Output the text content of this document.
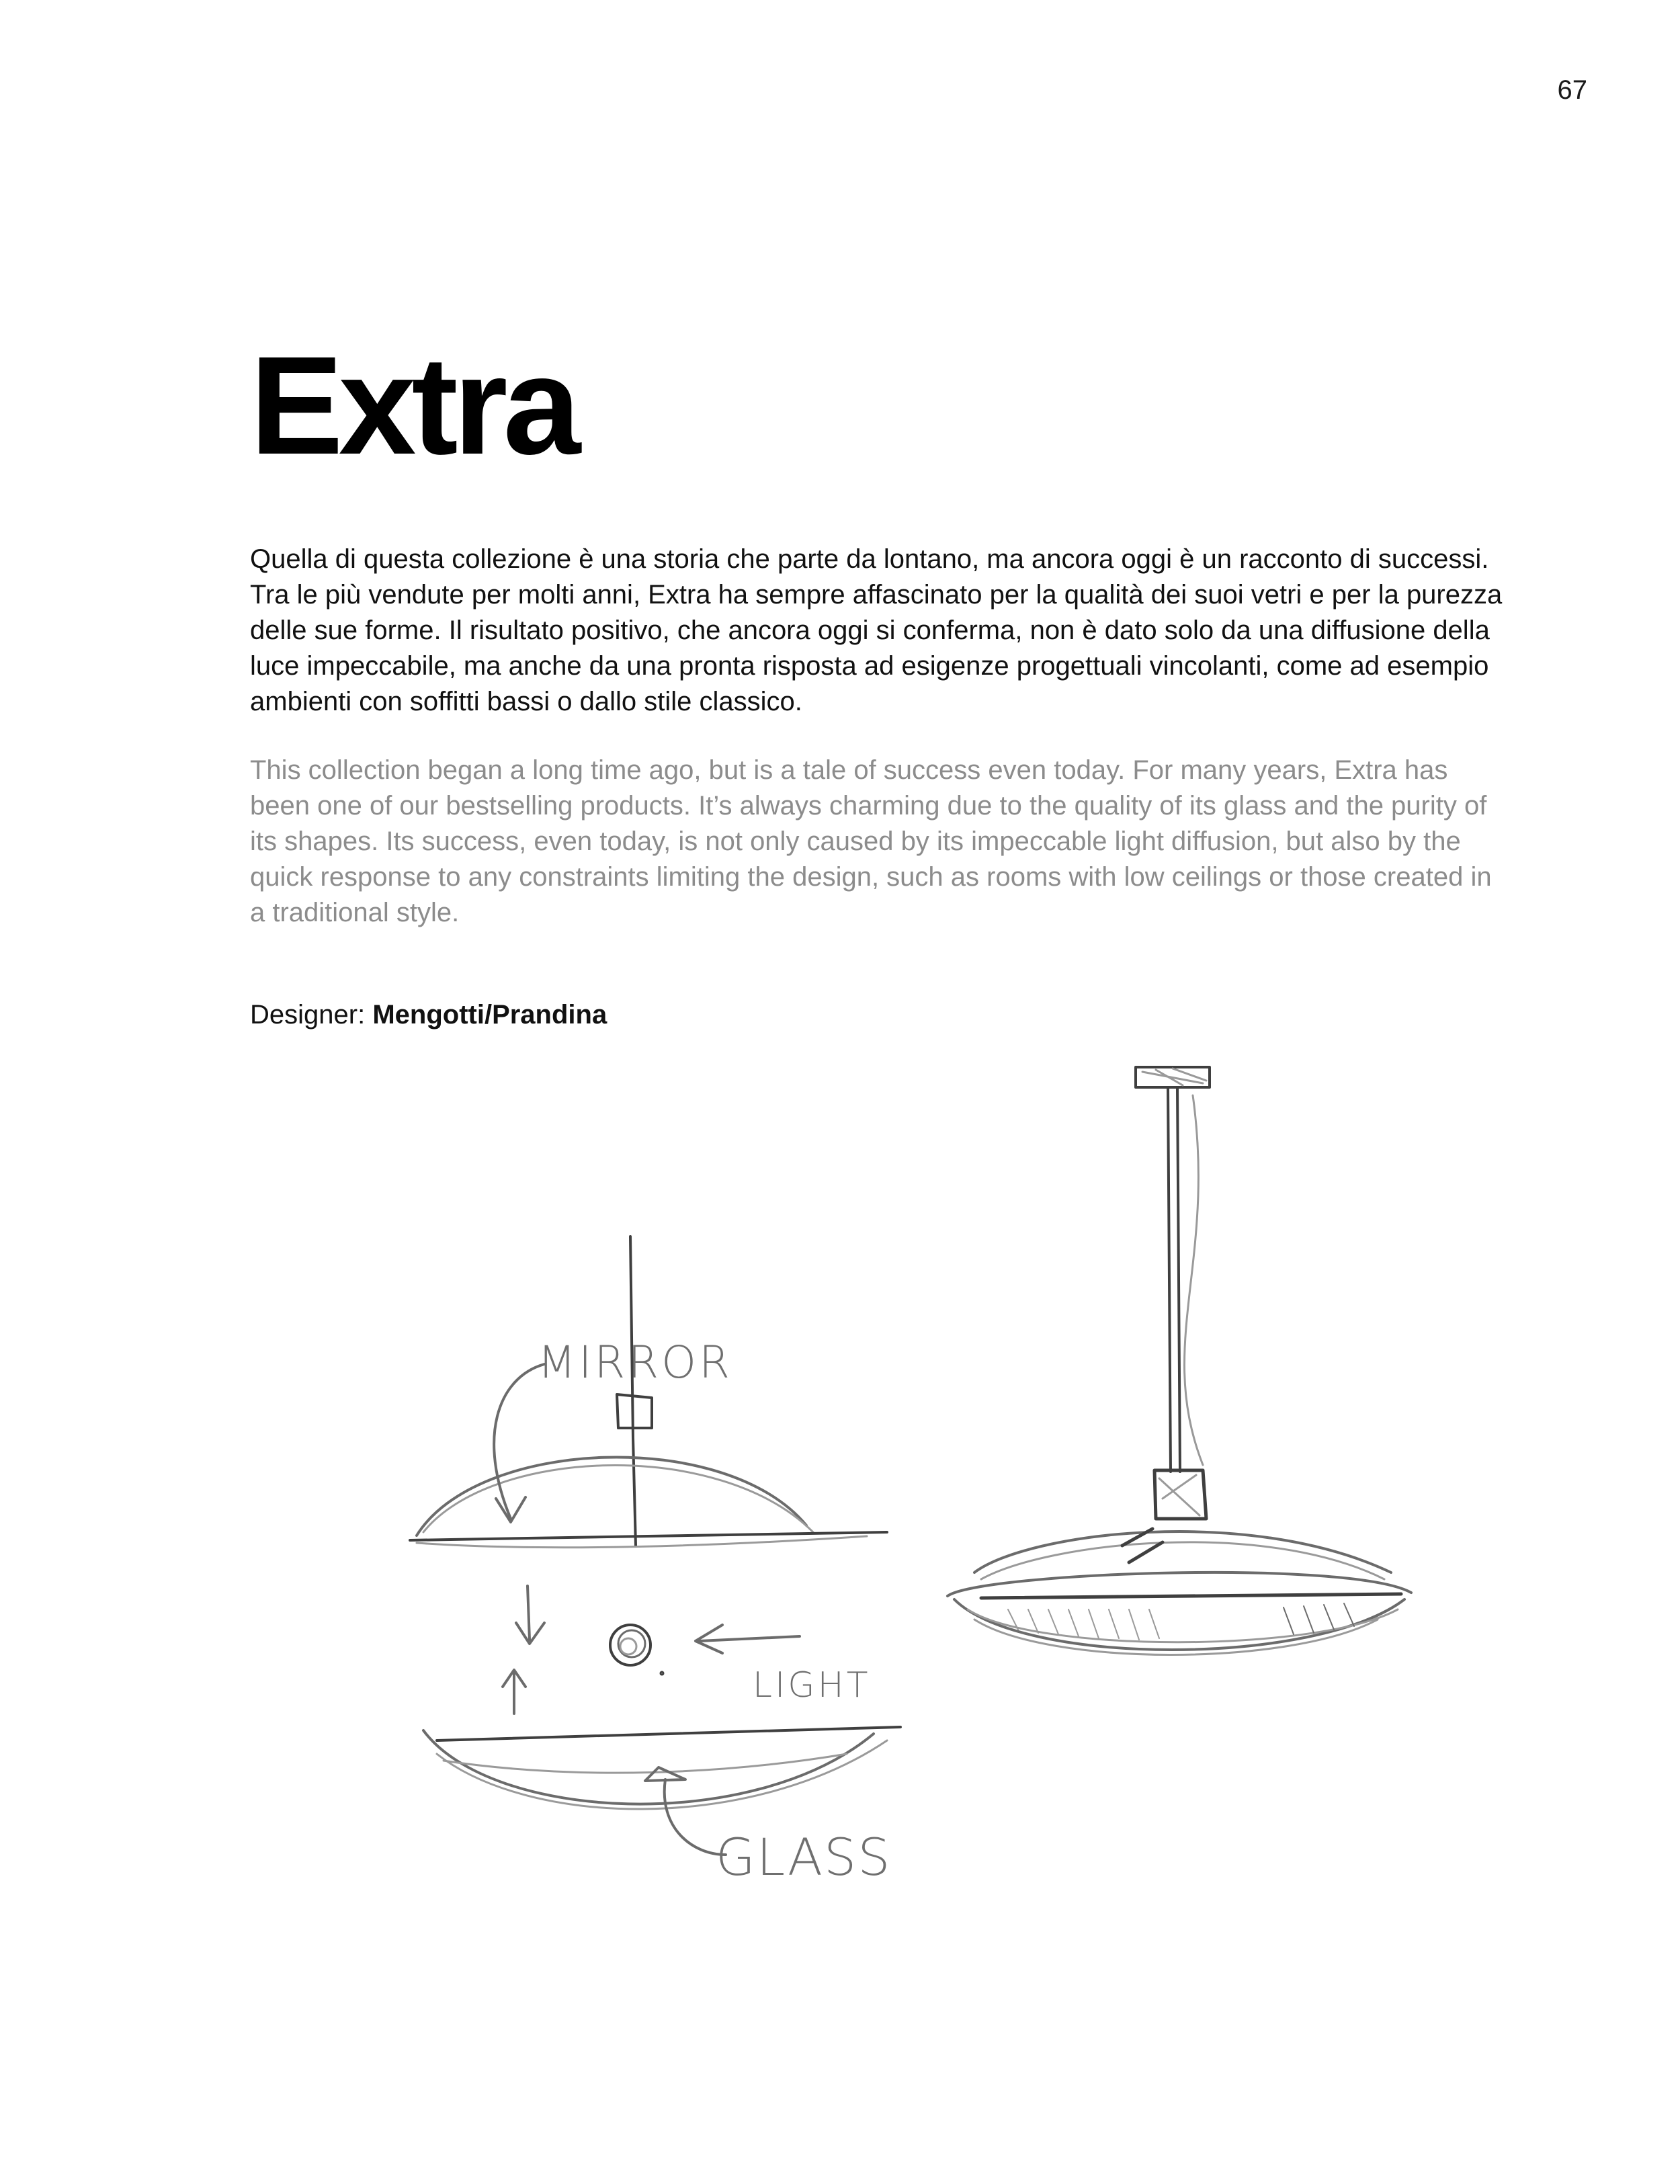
67
Extra

Quella di questa collezione è una storia che parte da lontano, ma ancora oggi è un racconto di successi. Tra le più vendute per molti anni, Extra ha sempre affascinato per la qualità dei suoi vetri e per la purezza delle sue forme. Il risultato positivo, che ancora oggi si conferma, non è dato solo da una diffusione della luce impeccabile, ma anche da una pronta risposta ad esigenze progettuali vincolanti, come ad esempio ambienti con soffitti bassi o dallo stile classico.

This collection began a long time ago, but is a tale of success even today. For many years, Extra has been one of our bestselling products. It’s always charming due to the quality of its glass and the purity of its shapes. Its success, even today, is not only caused by its impeccable light diffusion, but also by the quick response to any constraints limiting the design, such as rooms with low ceilings or those created in a traditional style.

Designer: Mengotti/Prandina
MIRROR
LIGHT
GLASS
